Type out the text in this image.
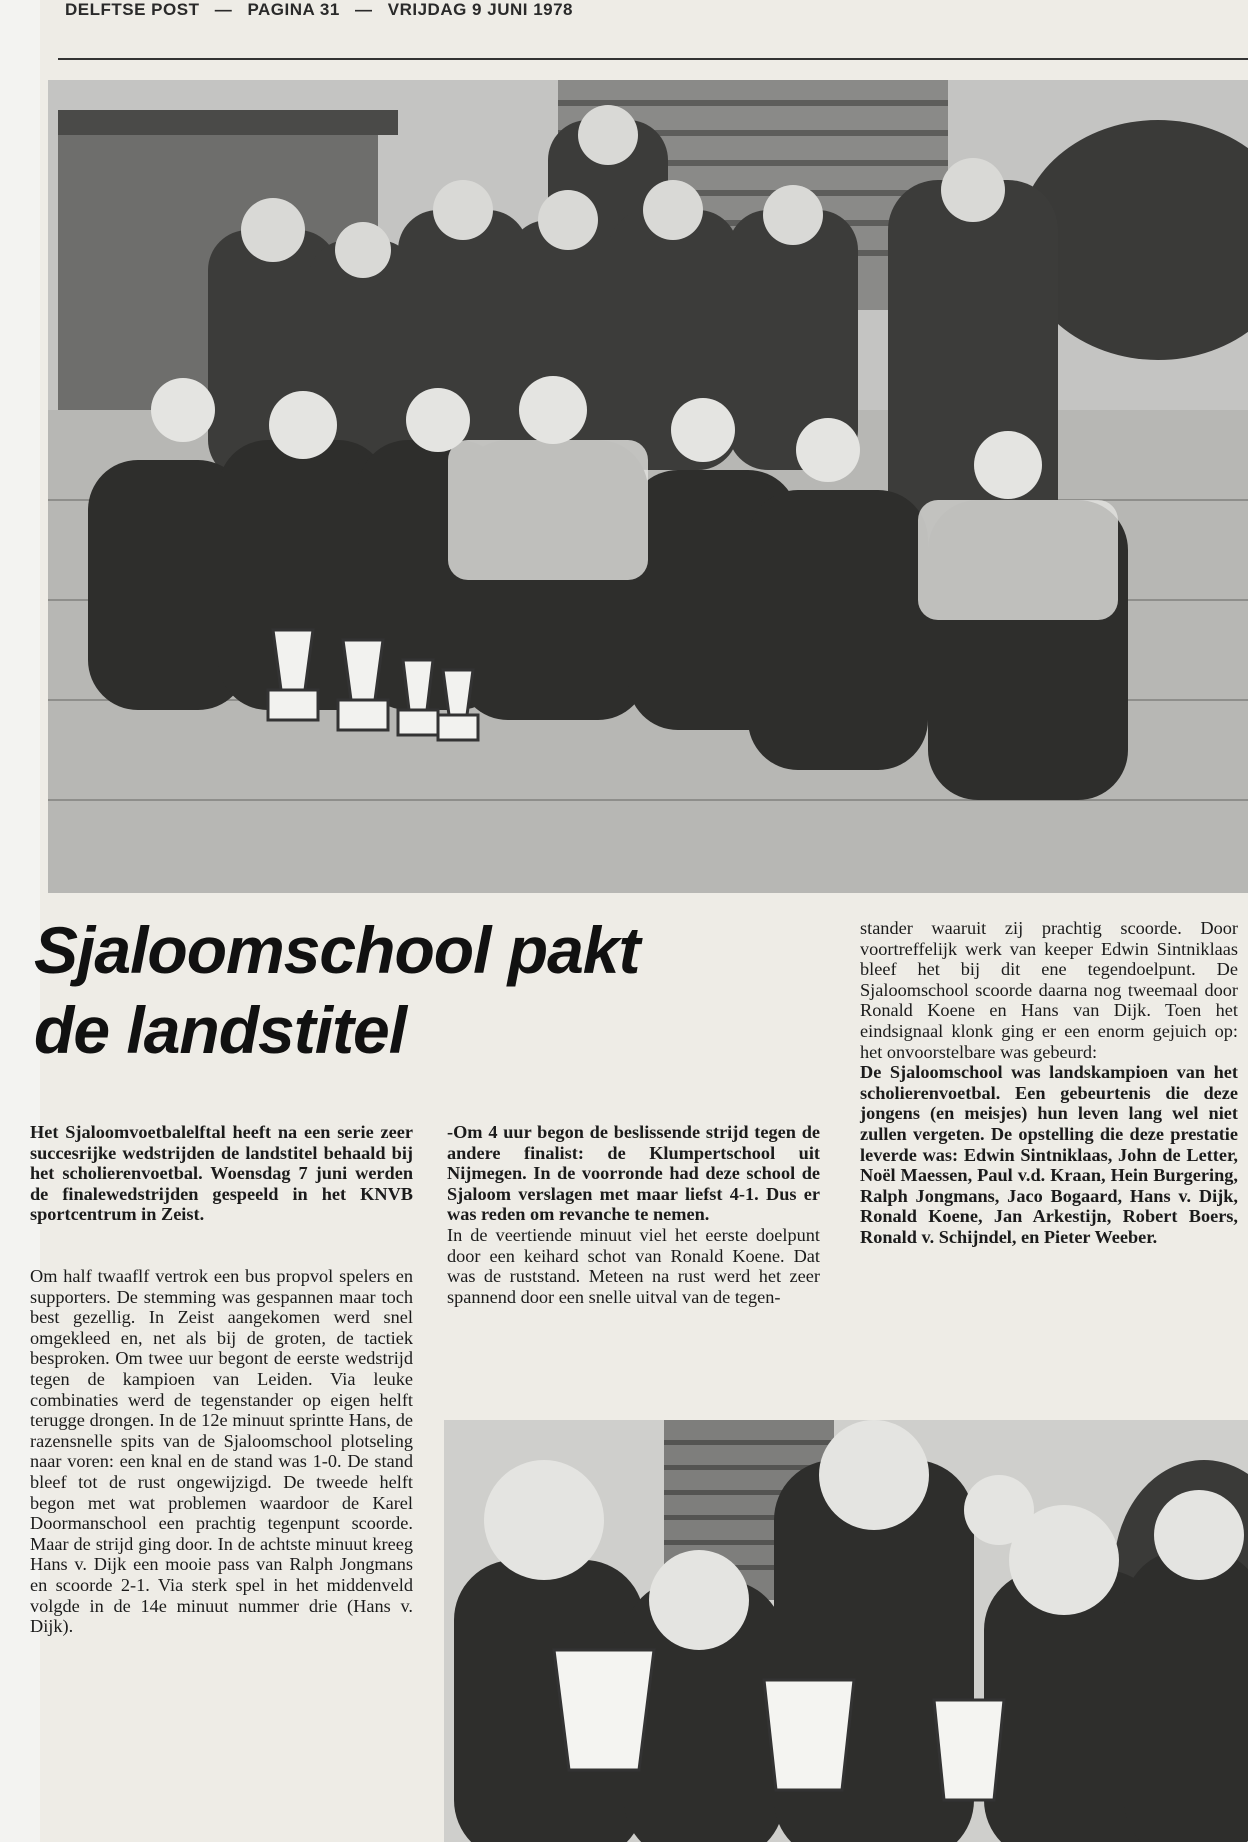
DELFTSE POST — PAGINA 31 — VRIJDAG 9 JUNI 1978
Sjaloomschool pakt
de landstitel

Het Sjaloomvoetbalelftal heeft na een serie zeer succesrijke wedstrijden de landstitel behaald bij het scholierenvoetbal. Woensdag 7 juni werden de finalewedstrijden gespeeld in het KNVB sportcentrum in Zeist.

Om half twaaflf vertrok een bus propvol spelers en supporters. De stemming was gespannen maar toch best gezellig. In Zeist aangekomen werd snel omgekleed en, net als bij de groten, de tactiek besproken. Om twee uur begont de eerste wedstrijd tegen de kampioen van Leiden. Via leuke combinaties werd de tegenstander op eigen helft terugge drongen. In de 12e minuut sprintte Hans, de razensnelle spits van de Sjaloomschool plotseling naar voren: een knal en de stand was 1-0. De stand bleef tot de rust ongewijzigd. De tweede helft begon met wat problemen waardoor de Karel Doormanschool een prachtig tegenpunt scoorde. Maar de strijd ging door. In de achtste minuut kreeg Hans v. Dijk een mooie pass van Ralph Jongmans en scoorde 2-1. Via sterk spel in het middenveld volgde in de 14e minuut nummer drie (Hans v. Dijk).

-Om 4 uur begon de beslissende strijd tegen de andere finalist: de Klumpertschool uit Nijmegen. In de voorronde had deze school de Sjaloom verslagen met maar liefst 4-1. Dus er was reden om revanche te nemen.

In de veertiende minuut viel het eerste doelpunt door een keihard schot van Ronald Koene. Dat was de ruststand. Meteen na rust werd het zeer spannend door een snelle uitval van de tegen-

stander waaruit zij prachtig scoorde. Door voortreffelijk werk van keeper Edwin Sintniklaas bleef het bij dit ene tegendoelpunt. De Sjaloomschool scoorde daarna nog tweemaal door Ronald Koene en Hans van Dijk. Toen het eindsignaal klonk ging er een enorm gejuich op: het onvoorstelbare was gebeurd:

De Sjaloomschool was landskampioen van het scholierenvoetbal. Een gebeurtenis die deze jongens (en meisjes) hun leven lang wel niet zullen vergeten. De opstelling die deze prestatie leverde was: Edwin Sintniklaas, John de Letter, Noël Maessen, Paul v.d. Kraan, Hein Burgering, Ralph Jongmans, Jaco Bogaard, Hans v. Dijk, Ronald Koene, Jan Arkestijn, Robert Boers, Ronald v. Schijndel, en Pieter Weeber.
